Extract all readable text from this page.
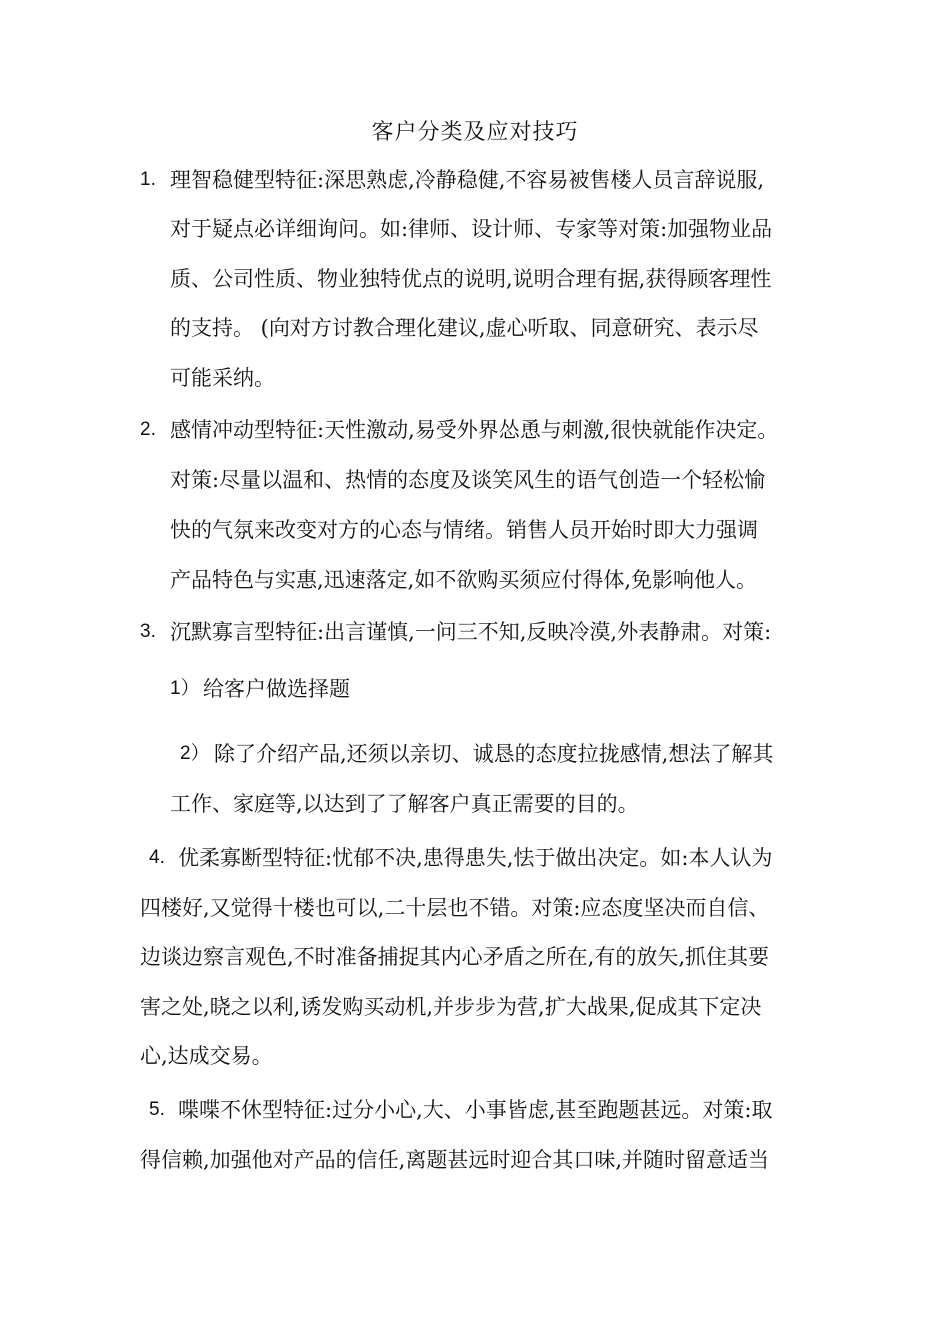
客户分类及应对技巧
1. 理智稳健型特征:深思熟虑,冷静稳健,不容易被售楼人员言辞说服,
对于疑点必详细询问。如:律师、设计师、专家等对策:加强物业品
质、公司性质、物业独特优点的说明,说明合理有据,获得顾客理性
的支持。 (向对方讨教合理化建议,虚心听取、同意研究、表示尽
可能采纳。
2. 感情冲动型特征:天性激动,易受外界怂恿与刺激,很快就能作决定。
对策:尽量以温和、热情的态度及谈笑风生的语气创造一个轻松愉
快的气氛来改变对方的心态与情绪。销售人员开始时即大力强调
产品特色与实惠,迅速落定,如不欲购买须应付得体,免影响他人。
3. 沉默寡言型特征:出言谨慎,一问三不知,反映冷漠,外表静肃。对策:
1） 给客户做选择题
2） 除了介绍产品,还须以亲切、诚恳的态度拉拢感情,想法了解其
工作、家庭等,以达到了了解客户真正需要的目的。
4. 优柔寡断型特征:忧郁不决,患得患失,怯于做出决定。如:本人认为
四楼好,又觉得十楼也可以,二十层也不错。对策:应态度坚决而自信、
边谈边察言观色,不时准备捕捉其内心矛盾之所在,有的放矢,抓住其要
害之处,晓之以利,诱发购买动机,并步步为营,扩大战果,促成其下定决
心,达成交易。
5. 喋喋不休型特征:过分小心,大、小事皆虑,甚至跑题甚远。对策:取
得信赖,加强他对产品的信任,离题甚远时迎合其口味,并随时留意适当
